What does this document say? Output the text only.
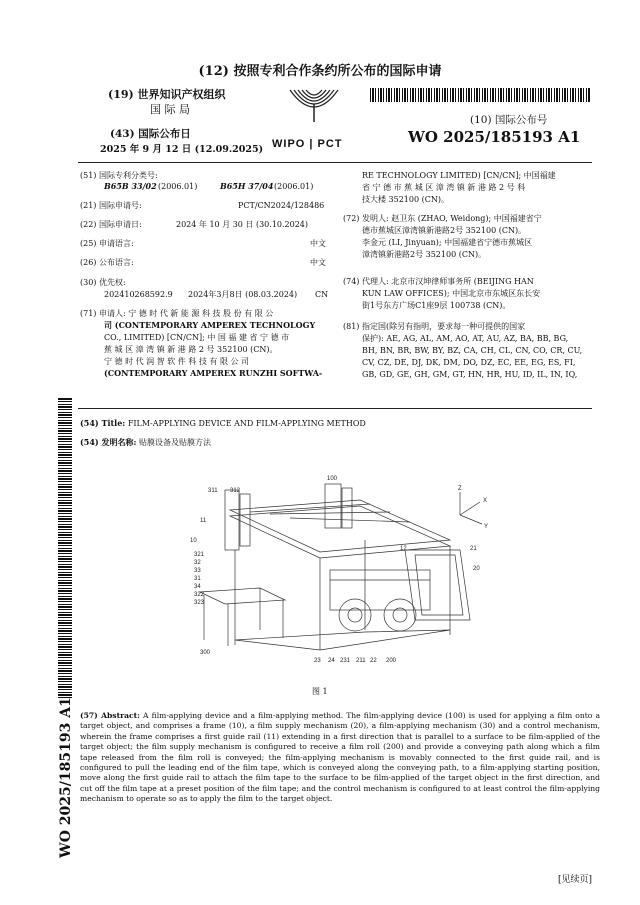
(12) 按照专利合作条约所公布的国际申请
(19) 世界知识产权组织
国 际 局
(43) 国际公布日
2025 年 9 月 12 日 (12.09.2025) WIPO | PCT
(10) 国际公布号
WO 2025/185193 A1
(51) 国际专利分类号:
B65B 33/02 (2006.01)	B65H 37/04 (2006.01)
(21) 国际申请号:	PCT/CN2024/128486
(22) 国际申请日:	2024 年 10 月 30 日 (30.10.2024)
(25) 申请语言:	中文
(26) 公布语言:	中文
(30) 优先权:
202410268592.9 2024年3月8日 (08.03.2024) CN
(71) 申请人: 宁 德 时 代 新 能 源 科 技 股 份 有 限 公
司 (CONTEMPORARY AMPEREX TECHNOLOGY
CO., LIMITED) [CN/CN]; 中 国 福 建 省 宁 德 市
蕉 城 区 漳 湾 镇 新 港 路 2 号 352100 (CN)。
宁 德 时 代 润 智 软 件 科 技 有 限 公 司
(CONTEMPORARY AMPEREX RUNZHI SOFTWA-
RE TECHNOLOGY LIMITED) [CN/CN]; 中国福建
省 宁 德 市 蕉 城 区 漳 湾 镇 新 港 路 2 号 科
技大楼 352100 (CN)。
(72) 发明人: 赵卫东 (ZHAO, Weidong); 中国福建省宁
德市蕉城区漳湾镇新港路2号 352100 (CN)。
李金元 (LI, Jinyuan); 中国福建省宁德市蕉城区
漳湾镇新港路2号 352100 (CN)。
(74) 代理人: 北京市汉坤律师事务所 (BEIJING HAN
KUN LAW OFFICES); 中国北京市东城区东长安
街1号东方广场C1座9层 100738 (CN)。
(81) 指定国(除另有指明，要求每一种可提供的国家
保护): AE, AG, AL, AM, AO, AT, AU, AZ, BA, BB, BG,
BH, BN, BR, BW, BY, BZ, CA, CH, CL, CN, CO, CR, CU,
CV, CZ, DE, DJ, DK, DM, DO, DZ, EC, EE, EG, ES, FI,
GB, GD, GE, GH, GM, GT, HN, HR, HU, ID, IL, IN, IQ,
(54) Title: FILM-APPLYING DEVICE AND FILM-APPLYING METHOD
(54) 发明名称: 贴膜设备及贴膜方法
100
311 312
11
10
321
32
33
31
34
322
323
300
12	21
20
23 24 231 211 22 200
Z
X
Y
图 1
(57) Abstract: A film-applying device and a film-applying method. The film-applying device (100) is used for applying a film onto a target object, and comprises a frame (10), a film supply mechanism (20), a film-applying mechanism (30) and a control mechanism, wherein the frame comprises a first guide rail (11) extending in a first direction that is parallel to a surface to be film-applied of the target object; the film supply mechanism is configured to receive a film roll (200) and provide a conveying path along which a film tape released from the film roll is conveyed; the film-applying mechanism is movably connected to the first guide rail, and is configured to pull the leading end of the film tape, which is conveyed along the conveying path, to a film-applying starting position, move along the first guide rail to attach the film tape to the surface to be film-applied of the target object in the first direction, and cut off the film tape at a preset position of the film tape; and the control mechanism is configured to at least control the film-applying mechanism to operate so as to apply the film to the target object.
WO 2025/185193 A1
[见续页]
